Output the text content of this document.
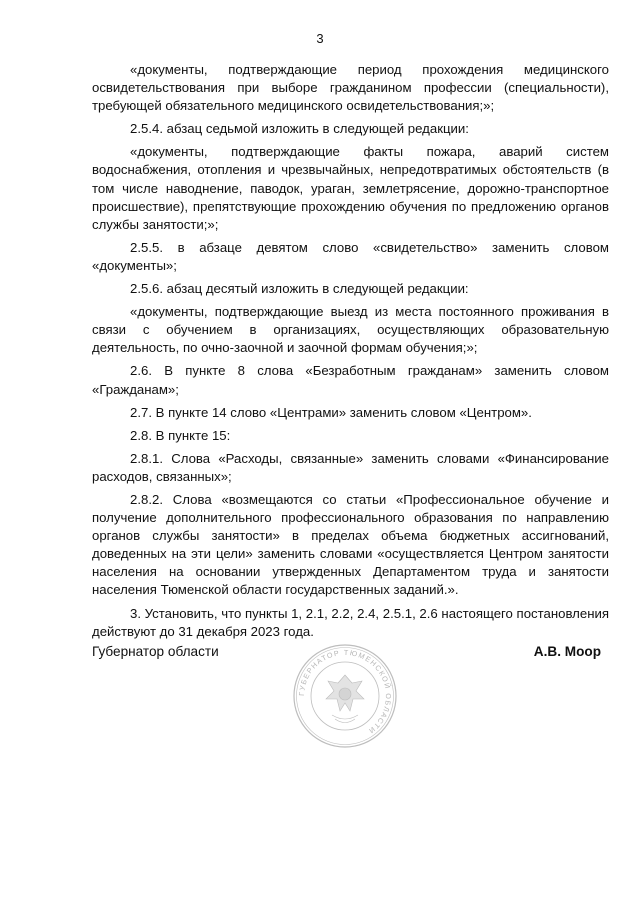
3

«документы, подтверждающие период прохождения медицинского освидетельствования при выборе гражданином профессии (специальности), требующей обязательного медицинского освидетельствования;»;

2.5.4. абзац седьмой изложить в следующей редакции:

«документы, подтверждающие факты пожара, аварий систем водоснабжения, отопления и чрезвычайных, непредотвратимых обстоятельств (в том числе наводнение, паводок, ураган, землетрясение, дорожно-транспортное происшествие), препятствующие прохождению обучения по предложению органов службы занятости;»;

2.5.5. в абзаце девятом слово «свидетельство» заменить словом «документы»;

2.5.6. абзац десятый изложить в следующей редакции:

«документы, подтверждающие выезд из места постоянного проживания в связи с обучением в организациях, осуществляющих образовательную деятельность, по очно-заочной и заочной формам обучения;»;

2.6. В пункте 8 слова «Безработным гражданам» заменить словом «Гражданам»;

2.7. В пункте 14 слово «Центрами» заменить словом «Центром».

2.8. В пункте 15:

2.8.1. Слова «Расходы, связанные» заменить словами «Финансирование расходов, связанных»;

2.8.2. Слова «возмещаются со статьи «Профессиональное обучение и получение дополнительного профессионального образования по направлению органов службы занятости» в пределах объема бюджетных ассигнований, доведенных на эти цели» заменить словами «осуществляется Центром занятости населения на основании утвержденных Департаментом труда и занятости населения Тюменской области государственных заданий.».

3. Установить, что пункты 1, 2.1, 2.2, 2.4, 2.5.1, 2.6 настоящего постановления действуют до 31 декабря 2023 года.

Губернатор области	А.В. Моор
ГУБЕРНАТОР ТЮМЕНСКОЙ ОБЛАСТИ
